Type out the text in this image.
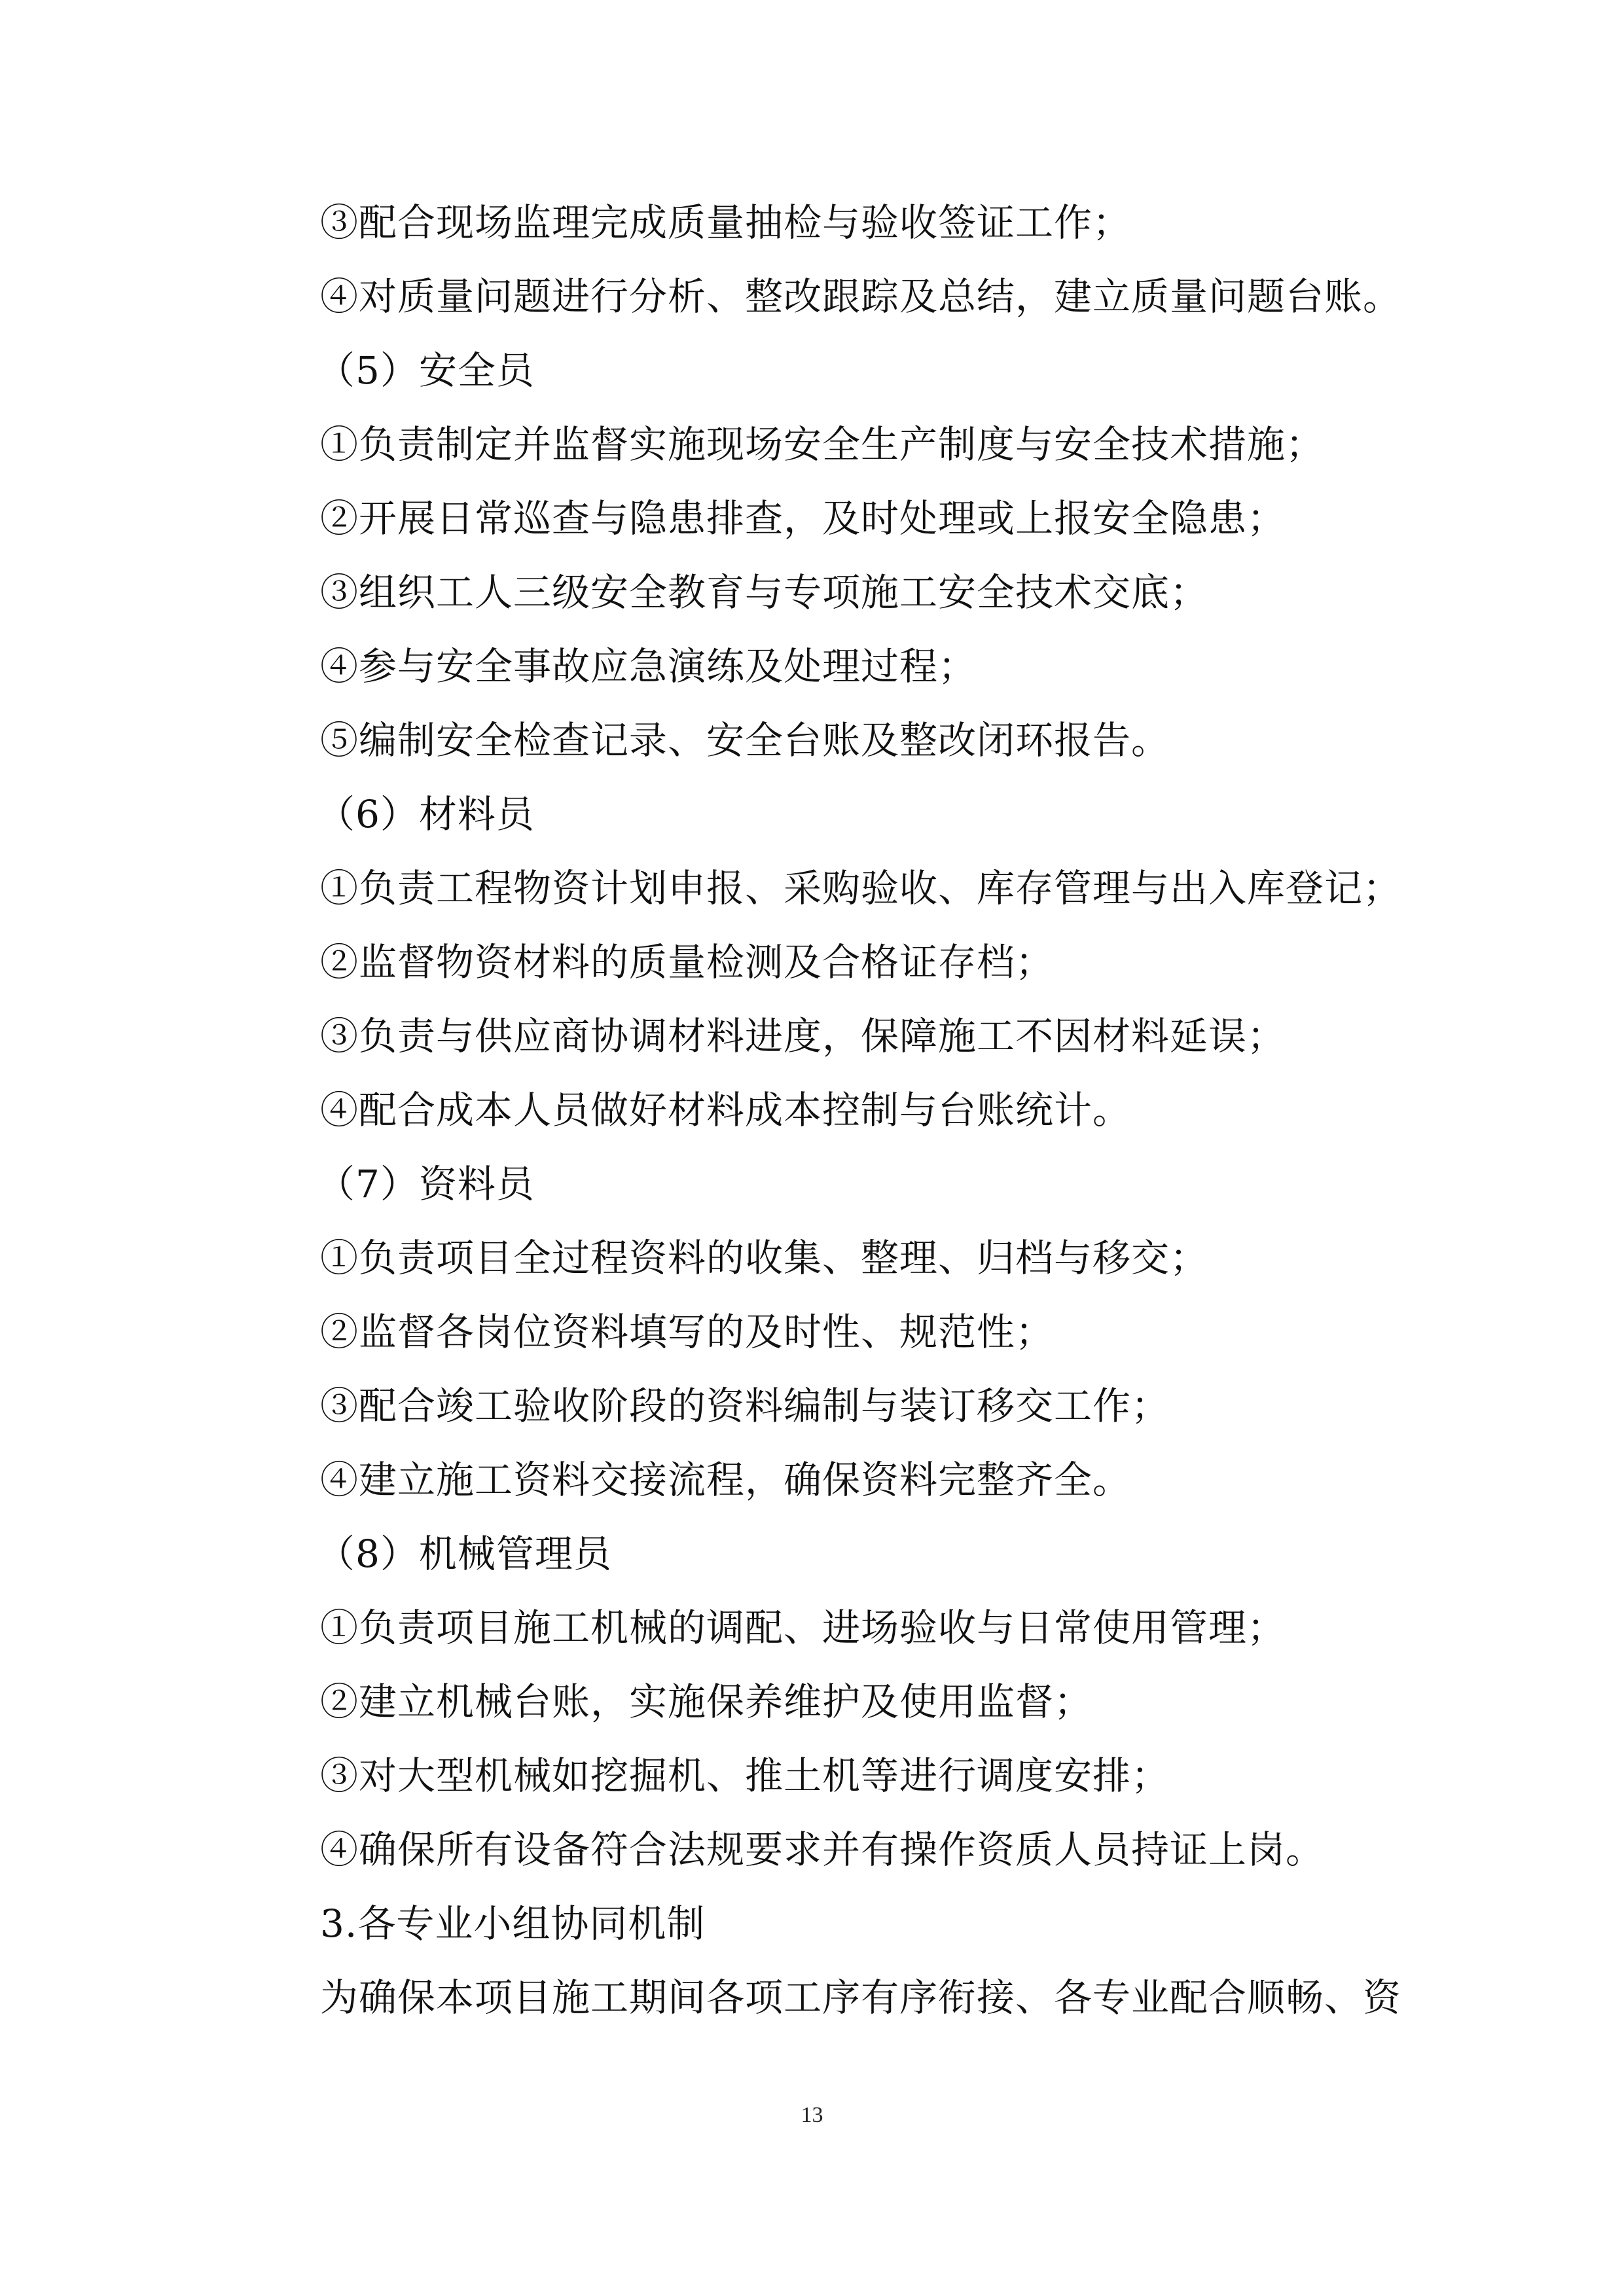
③配合现场监理完成质量抽检与验收签证工作；
④对质量问题进行分析、整改跟踪及总结，建立质量问题台账。
（5）安全员
①负责制定并监督实施现场安全生产制度与安全技术措施；
②开展日常巡查与隐患排查，及时处理或上报安全隐患；
③组织工人三级安全教育与专项施工安全技术交底；
④参与安全事故应急演练及处理过程；
⑤编制安全检查记录、安全台账及整改闭环报告。
（6）材料员
①负责工程物资计划申报、采购验收、库存管理与出入库登记；
②监督物资材料的质量检测及合格证存档；
③负责与供应商协调材料进度，保障施工不因材料延误；
④配合成本人员做好材料成本控制与台账统计。
（7）资料员
①负责项目全过程资料的收集、整理、归档与移交；
②监督各岗位资料填写的及时性、规范性；
③配合竣工验收阶段的资料编制与装订移交工作；
④建立施工资料交接流程，确保资料完整齐全。
（8）机械管理员
①负责项目施工机械的调配、进场验收与日常使用管理；
②建立机械台账，实施保养维护及使用监督；
③对大型机械如挖掘机、推土机等进行调度安排；
④确保所有设备符合法规要求并有操作资质人员持证上岗。
3.各专业小组协同机制
为确保本项目施工期间各项工序有序衔接、各专业配合顺畅、资
13
